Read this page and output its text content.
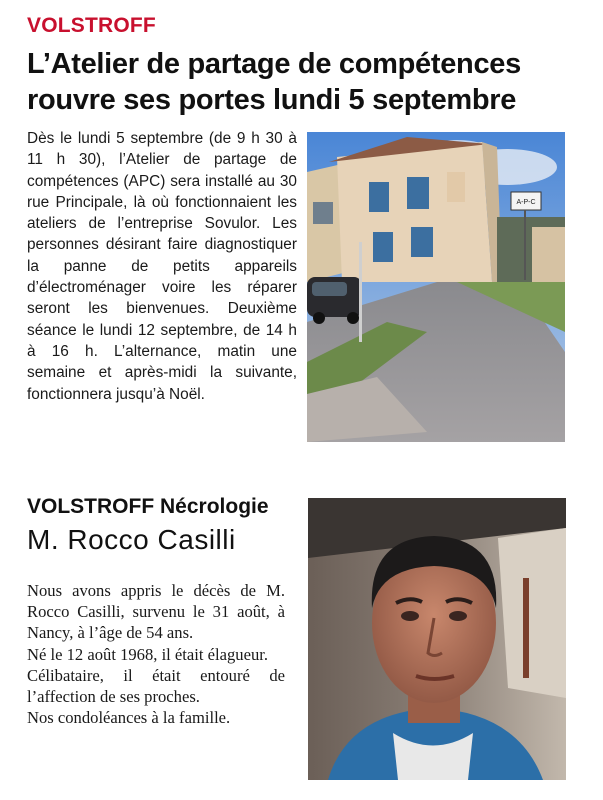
VOLSTROFF
L’Atelier de partage de compétences rouvre ses portes lundi 5 septembre

Dès le lundi 5 septembre (de 9 h 30 à 11 h 30), l’Atelier de partage de compétences (APC) sera installé au 30 rue Principale, là où fonctionnaient les ateliers de l’entreprise Sovulor. Les personnes désirant faire diagnostiquer la panne de petits appareils d’électroménager voire les réparer seront les bienvenues. Deuxième séance le lundi 12 septembre, de 14 h à 16 h. L’alternance, matin une semaine et après-midi la suivante, fonctionnera jusqu’à Noël.

A-P-C
VOLSTROFF Nécrologie
M. Rocco Casilli

Nous avons appris le décès de M. Rocco Casilli, survenu le 31 août, à Nancy, à l’âge de 54 ans.

Né le 12 août 1968, il était élagueur.

Célibataire, il était entouré de l’affection de ses proches.

Nos condoléances à la famille.
